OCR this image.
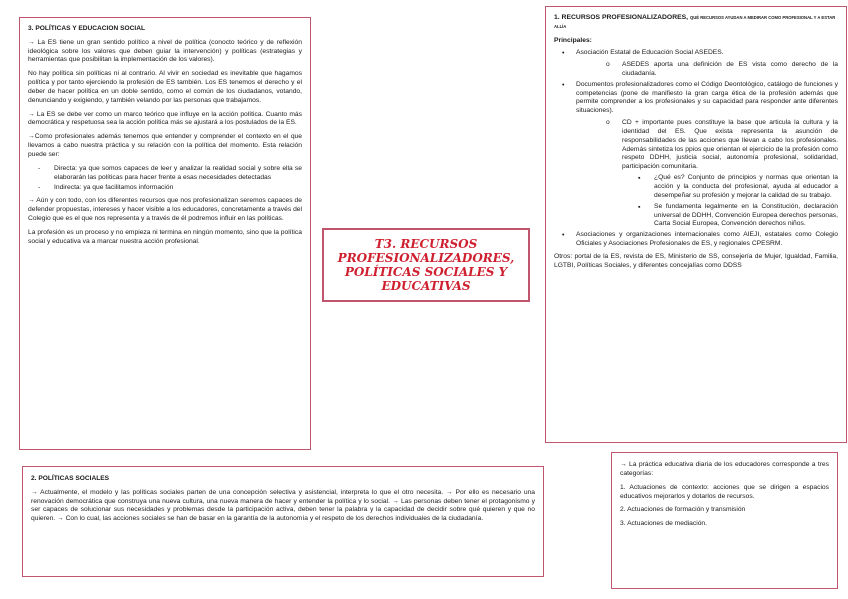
3. POLÍTICAS Y EDUCACION SOCIAL

→ La ES tiene un gran sentido político a nivel de política (conocto teórico y de reflexión ideológica sobre los valores que deben guiar la intervención) y políticas (estrategias y herramientas que posibilitan la implementación de los valores).

No hay política sin políticas ni al contrario. Al vivir en sociedad es inevitable que hagamos política y por tanto ejerciendo la profesión de ES también. Los ES tenemos el derecho y el deber de hacer política en un doble sentido, como el común de los ciudadanos, votando, denunciando y exigiendo, y también velando por las personas que trabajamos.

→ La ES se debe ver como un marco teórico que influye en la acción política. Cuanto más democrática y respetuosa sea la acción política más se ajustará a los postulados de la ES.

→Como profesionales además tenemos que entender y comprender el contexto en el que llevamos a cabo nuestra práctica y su relación con la política del momento. Esta relación puede ser:

-	Directa: ya que somos capaces de leer y analizar la realidad social y sobre ella se elaborarán las políticas para hacer frente a esas necesidades detectadas
-	Indirecta: ya que facilitamos información

→ Aún y con todo, con los diferentes recursos que nos profesionalizan seremos capaces de defender propuestas, intereses y hacer visible a los educadores, concretamente a través del Colegio que es el que nos representa y a través de él podremos influir en las políticas.

La profesión es un proceso y no empieza ni termina en ningún momento, sino que la política social y educativa va a marcar nuestra acción profesional.	T3. RECURSOS PROFESIONALIZADORES, POLÍTICAS SOCIALES Y EDUCATIVAS

1. RECURSOS PROFESIONALIZADORES, QUÉ RECURSOS AYUDAN A MEDIRAR COMO PROFESIONAL Y A ESTAR ALLÍA

Principales:

•	Asociación Estatal de Educación Social ASEDES.
o	ASEDES aporta una definición de ES vista como derecho de la ciudadanía.
•	Documentos profesionalizadores como el Código Deontológico, catálogo de funciones y competencias (pone de manifiesto la gran carga ética de la profesión además que permite comprender a los profesionales y su capacidad para responder ante diferentes situaciones).
o	CD + importante pues constituye la base que articula la cultura y la identidad del ES. Que exista representa la asunción de responsabilidades de las acciones que llevan a cabo los profesionales. Además sintetiza los ppios que orientan el ejercicio de la profesión como respeto DDHH, justicia social, autonomía profesional, solidaridad, participación comunitaria.
▪	¿Qué es? Conjunto de principios y normas que orientan la acción y la conducta del profesional, ayuda al educador a desempeñar su profesión y mejorar la calidad de su trabajo.
▪	Se fundamenta legalmente en la Constitución, declaración universal de DDHH, Convención Europea derechos personas, Carta Social Europea, Convención derechos niños.
•	Asociaciones y organizaciones internacionales como AIEJI, estatales como Colegio Oficiales y Asociaciones Profesionales de ES, y regionales CPESRM.

Otros: portal de la ES, revista de ES, Ministerio de SS, consejería de Mujer, Igualdad, Familia, LGTBI, Políticas Sociales, y diferentes concejalías como DDSS

2. POLÍTICAS SOCIALES

→ Actualmente, el modelo y las políticas sociales parten de una concepción selectiva y asistencial, interpreta lo que el otro necesita. → Por ello es necesario una renovación democrática que construya una nueva cultura, una nueva manera de hacer y entender la política y lo social. → Las personas deben tener el protagonismo y ser capaces de solucionar sus necesidades y problemas desde la participación activa, deben tener la palabra y la capacidad de decidir sobre qué quieren y que no quieren. → Con lo cual, las acciones sociales se han de basar en la garantía de la autonomía y el respeto de los derechos individuales de la ciudadanía.

→ La práctica educativa diaria de los educadores corresponde a tres categorías:

1. Actuaciones de contexto: acciones que se dirigen a espacios educativos mejorarlos y dotarlos de recursos.

2. Actuaciones de formación y transmisión

3. Actuaciones de mediación.
